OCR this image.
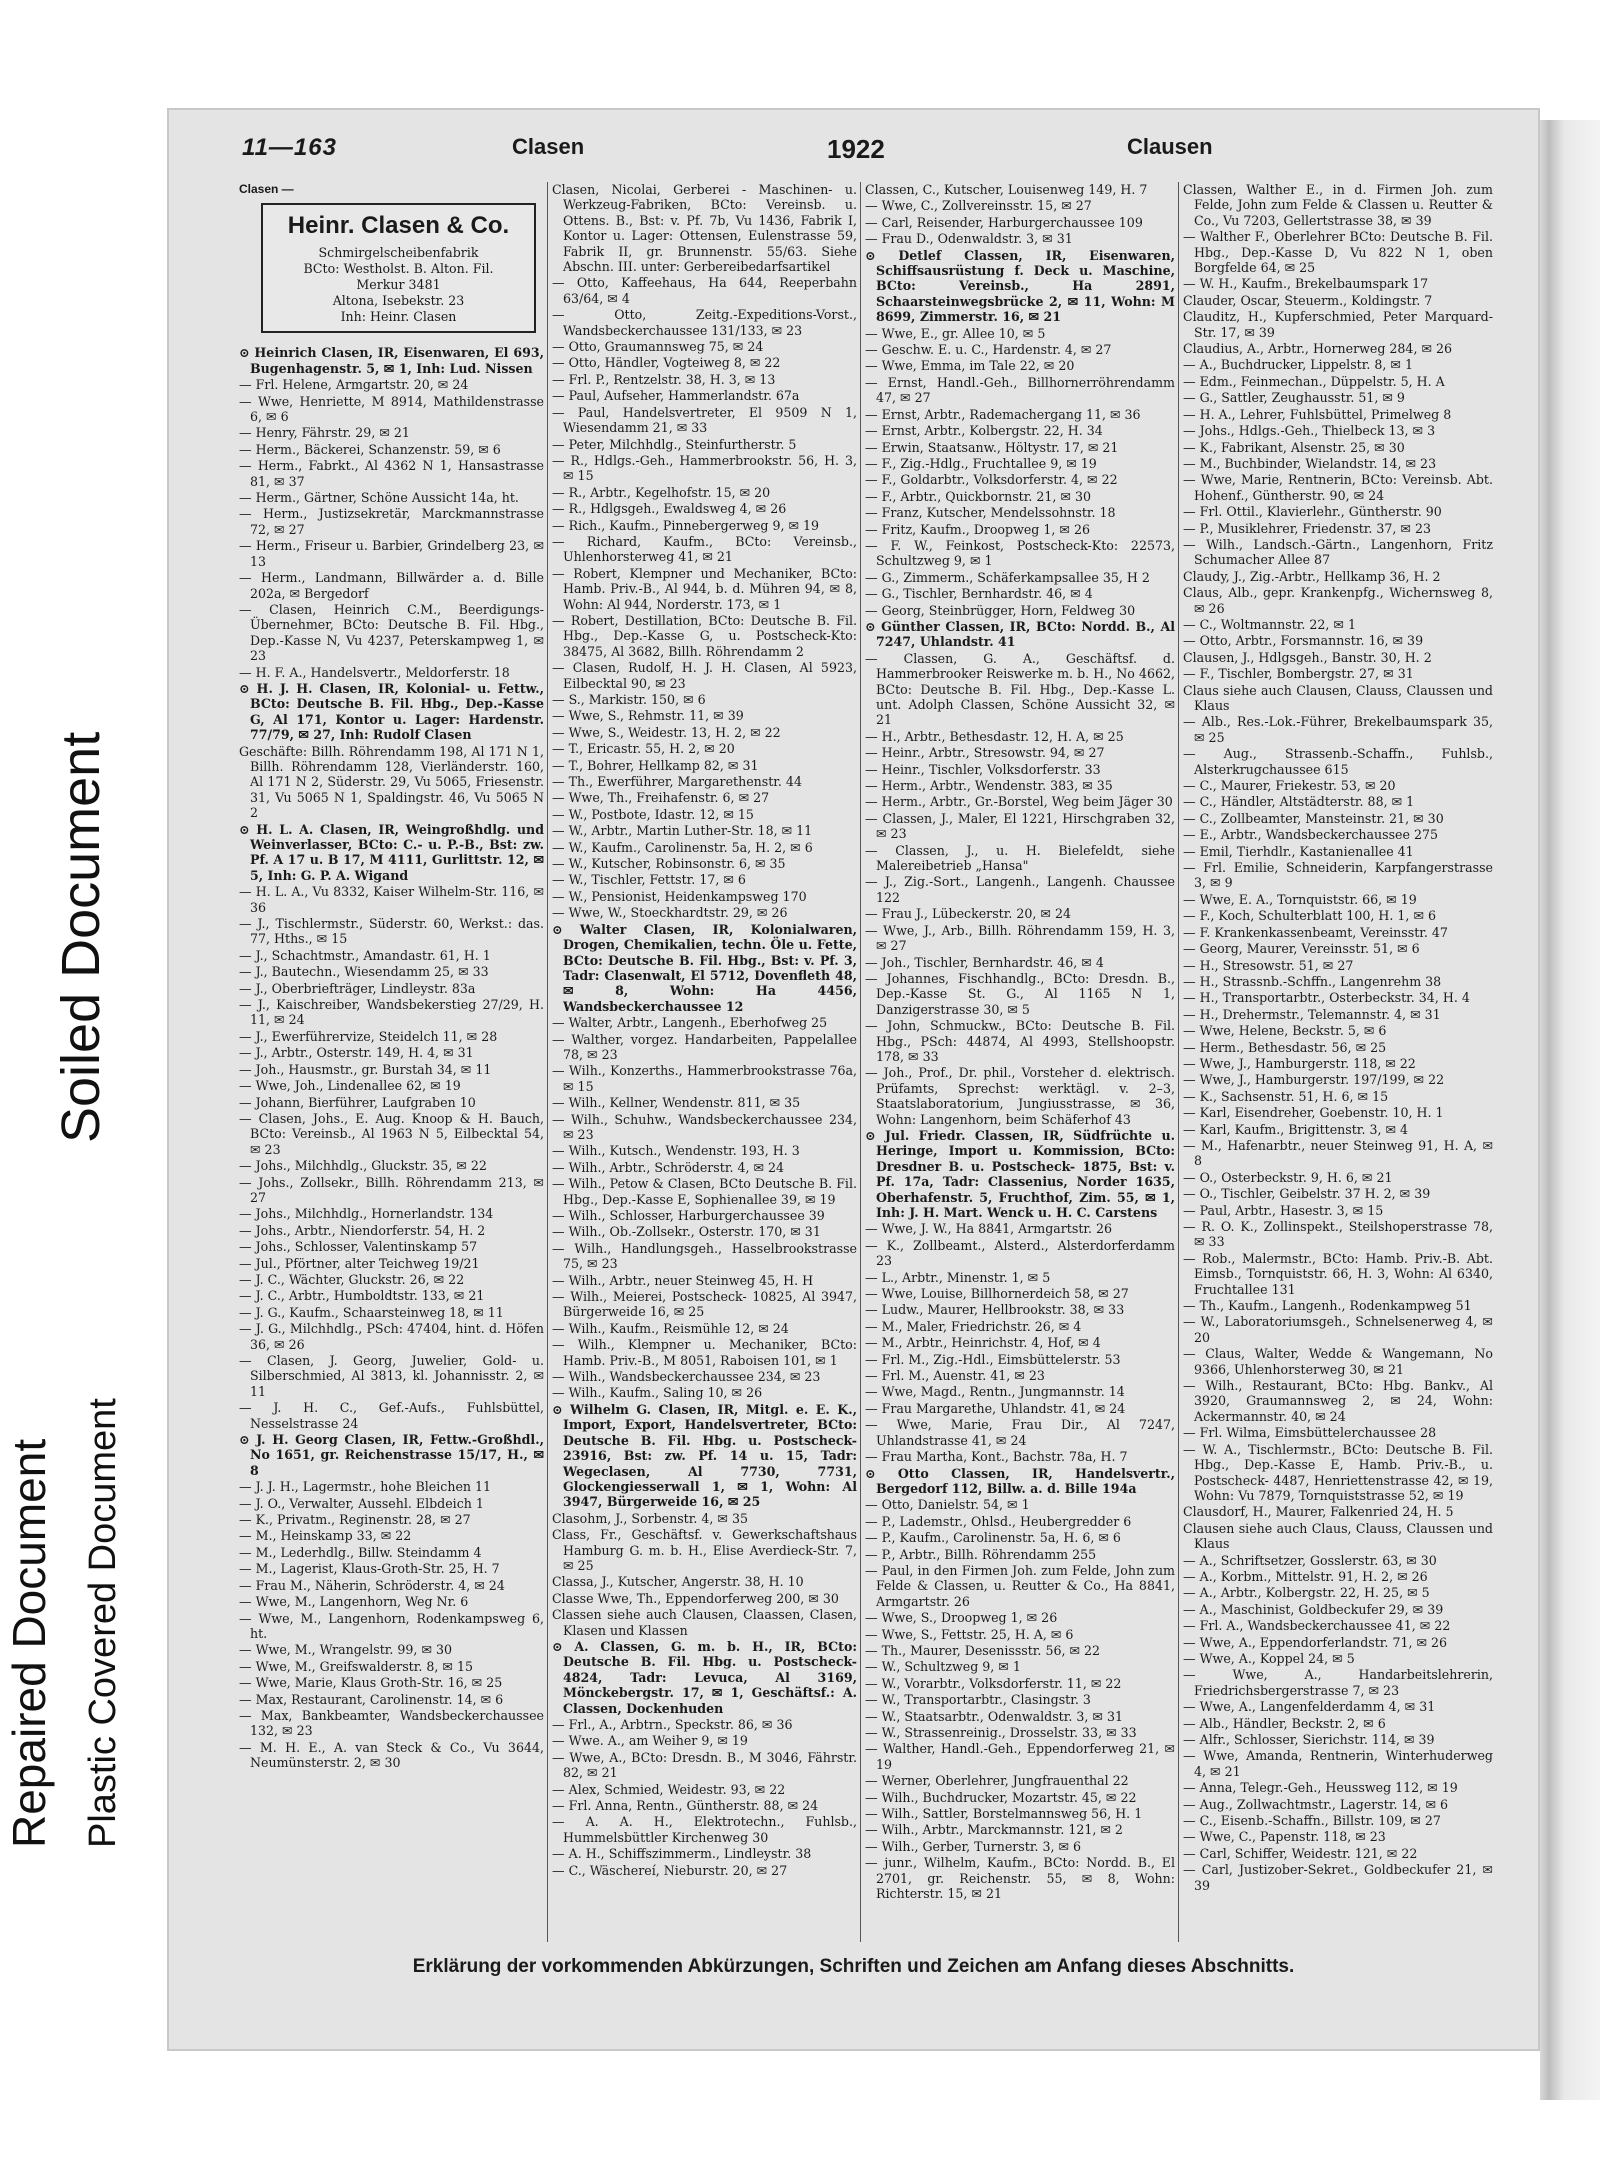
Soiled Document
Repaired Document Plastic Covered Document
11—163	Clasen	1922	Clausen
Clasen —
Heinr. Clasen & Co.
Schmirgelscheibenfabrik
BCto: Westholst. B. Alton. Fil.
Merkur 3481
Altona, Isebekstr. 23
Inh: Heinr. Clasen
⊙ Heinrich Clasen, IR, Eisenwaren, El 693, Bugenhagenstr. 5, ✉ 1, Inh: Lud. Nissen
— Frl. Helene, Armgartstr. 20, ✉ 24
— Wwe, Henriette, M 8914, Mathildenstrasse 6, ✉ 6
— Henry, Fährstr. 29, ✉ 21
— Herm., Bäckerei, Schanzenstr. 59, ✉ 6
— Herm., Fabrkt., Al 4362 N 1, Hansastrasse 81, ✉ 37
— Herm., Gärtner, Schöne Aussicht 14a, ht.
— Herm., Justizsekretär, Marckmannstrasse 72, ✉ 27
— Herm., Friseur u. Barbier, Grindelberg 23, ✉ 13
— Herm., Landmann, Billwärder a. d. Bille 202a, ✉ Bergedorf
— Clasen, Heinrich C.M., Beerdigungs-Übernehmer, BCto: Deutsche B. Fil. Hbg., Dep.-Kasse N, Vu 4237, Peterskampweg 1, ✉ 23
— H. F. A., Handelsvertr., Meldorferstr. 18
⊙ H. J. H. Clasen, IR, Kolonial- u. Fettw., BCto: Deutsche B. Fil. Hbg., Dep.-Kasse G, Al 171, Kontor u. Lager: Hardenstr. 77/79, ✉ 27, Inh: Rudolf Clasen
Geschäfte: Billh. Röhrendamm 198, Al 171 N 1, Billh. Röhrendamm 128, Vierländerstr. 160, Al 171 N 2, Süderstr. 29, Vu 5065, Friesenstr. 31, Vu 5065 N 1, Spaldingstr. 46, Vu 5065 N 2
⊙ H. L. A. Clasen, IR, Weingroßhdlg. und Weinverlasser, BCto: C.- u. P.-B., Bst: zw. Pf. A 17 u. B 17, M 4111, Gurlittstr. 12, ✉ 5, Inh: G. P. A. Wigand
— H. L. A., Vu 8332, Kaiser Wilhelm-Str. 116, ✉ 36
— J., Tischlermstr., Süderstr. 60, Werkst.: das. 77, Hths., ✉ 15
— J., Schachtmstr., Amandastr. 61, H. 1
— J., Bautechn., Wiesendamm 25, ✉ 33
— J., Oberbriefträger, Lindleystr. 83a
— J., Kaischreiber, Wandsbekerstieg 27/29, H. 11, ✉ 24
— J., Ewerführervize, Steidelch 11, ✉ 28
— J., Arbtr., Osterstr. 149, H. 4, ✉ 31
— Joh., Hausmstr., gr. Burstah 34, ✉ 11
— Wwe, Joh., Lindenallee 62, ✉ 19
— Johann, Bierführer, Laufgraben 10
— Clasen, Johs., E. Aug. Knoop & H. Bauch, BCto: Vereinsb., Al 1963 N 5, Eilbecktal 54, ✉ 23
— Johs., Milchhdlg., Gluckstr. 35, ✉ 22
— Johs., Zollsekr., Billh. Röhrendamm 213, ✉ 27
— Johs., Milchhdlg., Hornerlandstr. 134
— Johs., Arbtr., Niendorferstr. 54, H. 2
— Johs., Schlosser, Valentinskamp 57
— Jul., Pförtner, alter Teichweg 19/21
— J. C., Wächter, Gluckstr. 26, ✉ 22
— J. C., Arbtr., Humboldtstr. 133, ✉ 21
— J. G., Kaufm., Schaarsteinweg 18, ✉ 11
— J. G., Milchhdlg., PSch: 47404, hint. d. Höfen 36, ✉ 26
— Clasen, J. Georg, Juwelier, Gold- u. Silberschmied, Al 3813, kl. Johannisstr. 2, ✉ 11
— J. H. C., Gef.-Aufs., Fuhlsbüttel, Nesselstrasse 24
⊙ J. H. Georg Clasen, IR, Fettw.-Großhdl., No 1651, gr. Reichenstrasse 15/17, H., ✉ 8
— J. J. H., Lagermstr., hohe Bleichen 11
— J. O., Verwalter, Aussehl. Elbdeich 1
— K., Privatm., Reginenstr. 28, ✉ 27
— M., Heinskamp 33, ✉ 22
— M., Lederhdlg., Billw. Steindamm 4
— M., Lagerist, Klaus-Groth-Str. 25, H. 7
— Frau M., Näherin, Schröderstr. 4, ✉ 24
— Wwe, M., Langenhorn, Weg Nr. 6
— Wwe, M., Langenhorn, Rodenkampsweg 6, ht.
— Wwe, M., Wrangelstr. 99, ✉ 30
— Wwe, M., Greifswalderstr. 8, ✉ 15
— Wwe, Marie, Klaus Groth-Str. 16, ✉ 25
— Max, Restaurant, Carolinenstr. 14, ✉ 6
— Max, Bankbeamter, Wandsbeckerchaussee 132, ✉ 23
— M. H. E., A. van Steck & Co., Vu 3644, Neumünsterstr. 2, ✉ 30
Clasen, Nicolai, Gerberei - Maschinen- u. Werkzeug-Fabriken, BCto: Vereinsb. u. Ottens. B., Bst: v. Pf. 7b, Vu 1436, Fabrik I, Kontor u. Lager: Ottensen, Eulenstrasse 59, Fabrik II, gr. Brunnenstr. 55/63. Siehe Abschn. III. unter: Gerbereibedarfsartikel
— Otto, Kaffeehaus, Ha 644, Reeperbahn 63/64, ✉ 4
— Otto, Zeitg.-Expeditions-Vorst., Wandsbeckerchaussee 131/133, ✉ 23
— Otto, Graumannsweg 75, ✉ 24
— Otto, Händler, Vogteiweg 8, ✉ 22
— Frl. P., Rentzelstr. 38, H. 3, ✉ 13
— Paul, Aufseher, Hammerlandstr. 67a
— Paul, Handelsvertreter, El 9509 N 1, Wiesendamm 21, ✉ 33
— Peter, Milchhdlg., Steinfurtherstr. 5
— R., Hdlgs.-Geh., Hammerbrookstr. 56, H. 3, ✉ 15
— R., Arbtr., Kegelhofstr. 15, ✉ 20
— R., Hdlgsgeh., Ewaldsweg 4, ✉ 26
— Rich., Kaufm., Pinnebergerweg 9, ✉ 19
— Richard, Kaufm., BCto: Vereinsb., Uhlenhorsterweg 41, ✉ 21
— Robert, Klempner und Mechaniker, BCto: Hamb. Priv.-B., Al 944, b. d. Mühren 94, ✉ 8, Wohn: Al 944, Norderstr. 173, ✉ 1
— Robert, Destillation, BCto: Deutsche B. Fil. Hbg., Dep.-Kasse G, u. Postscheck-Kto: 38475, Al 3682, Billh. Röhrendamm 2
— Clasen, Rudolf, H. J. H. Clasen, Al 5923, Eilbecktal 90, ✉ 23
— S., Markistr. 150, ✉ 6
— Wwe, S., Rehmstr. 11, ✉ 39
— Wwe, S., Weidestr. 13, H. 2, ✉ 22
— T., Ericastr. 55, H. 2, ✉ 20
— T., Bohrer, Hellkamp 82, ✉ 31
— Th., Ewerführer, Margarethenstr. 44
— Wwe, Th., Freihafenstr. 6, ✉ 27
— W., Postbote, Idastr. 12, ✉ 15
— W., Arbtr., Martin Luther-Str. 18, ✉ 11
— W., Kaufm., Carolinenstr. 5a, H. 2, ✉ 6
— W., Kutscher, Robinsonstr. 6, ✉ 35
— W., Tischler, Fettstr. 17, ✉ 6
— W., Pensionist, Heidenkampsweg 170
— Wwe, W., Stoeckhardtstr. 29, ✉ 26
⊙ Walter Clasen, IR, Kolonialwaren, Drogen, Chemikalien, techn. Öle u. Fette, BCto: Deutsche B. Fil. Hbg., Bst: v. Pf. 3, Tadr: Clasenwalt, El 5712, Dovenfleth 48, ✉ 8, Wohn: Ha 4456, Wandsbeckerchaussee 12
— Walter, Arbtr., Langenh., Eberhofweg 25
— Walther, vorgez. Handarbeiten, Pappelallee 78, ✉ 23
— Wilh., Konzerths., Hammerbrookstrasse 76a, ✉ 15
— Wilh., Kellner, Wendenstr. 811, ✉ 35
— Wilh., Schuhw., Wandsbeckerchaussee 234, ✉ 23
— Wilh., Kutsch., Wendenstr. 193, H. 3
— Wilh., Arbtr., Schröderstr. 4, ✉ 24
— Wilh., Petow & Clasen, BCto Deutsche B. Fil. Hbg., Dep.-Kasse E, Sophienallee 39, ✉ 19
— Wilh., Schlosser, Harburgerchaussee 39
— Wilh., Ob.-Zollsekr., Osterstr. 170, ✉ 31
— Wilh., Handlungsgeh., Hasselbrookstrasse 75, ✉ 23
— Wilh., Arbtr., neuer Steinweg 45, H. H
— Wilh., Meierei, Postscheck- 10825, Al 3947, Bürgerweide 16, ✉ 25
— Wilh., Kaufm., Reismühle 12, ✉ 24
— Wilh., Klempner u. Mechaniker, BCto: Hamb. Priv.-B., M 8051, Raboisen 101, ✉ 1
— Wilh., Wandsbeckerchaussee 234, ✉ 23
— Wilh., Kaufm., Saling 10, ✉ 26
⊙ Wilhelm G. Clasen, IR, Mitgl. e. E. K., Import, Export, Handelsvertreter, BCto: Deutsche B. Fil. Hbg. u. Postscheck- 23916, Bst: zw. Pf. 14 u. 15, Tadr: Wegeclasen, Al 7730, 7731, Glockengiesserwall 1, ✉ 1, Wohn: Al 3947, Bürgerweide 16, ✉ 25
Clasohm, J., Sorbenstr. 4, ✉ 35
Class, Fr., Geschäftsf. v. Gewerkschaftshaus Hamburg G. m. b. H., Elise Averdieck-Str. 7, ✉ 25
Classa, J., Kutscher, Angerstr. 38, H. 10
Classe Wwe, Th., Eppendorferweg 200, ✉ 30
Classen siehe auch Clausen, Claassen, Clasen, Klasen und Klassen
⊙ A. Classen, G. m. b. H., IR, BCto: Deutsche B. Fil. Hbg. u. Postscheck- 4824, Tadr: Levuca, Al 3169, Mönckebergstr. 17, ✉ 1, Geschäftsf.: A. Classen, Dockenhuden
— Frl., A., Arbtrn., Speckstr. 86, ✉ 36
— Wwe. A., am Weiher 9, ✉ 19
— Wwe, A., BCto: Dresdn. B., M 3046, Fährstr. 82, ✉ 21
— Alex, Schmied, Weidestr. 93, ✉ 22
— Frl. Anna, Rentn., Güntherstr. 88, ✉ 24
— A. A. H., Elektrotechn., Fuhlsb., Hummelsbüttler Kirchenweg 30
— A. H., Schiffszimmerm., Lindleystr. 38
— C., Wäschereí, Nieburstr. 20, ✉ 27
Classen, C., Kutscher, Louisenweg 149, H. 7
— Wwe, C., Zollvereinsstr. 15, ✉ 27
— Carl, Reisender, Harburgerchaussee 109
— Frau D., Odenwaldstr. 3, ✉ 31
⊙ Detlef Classen, IR, Eisenwaren, Schiffsausrüstung f. Deck u. Maschine, BCto: Vereinsb., Ha 2891, Schaarsteinwegsbrücke 2, ✉ 11, Wohn: M 8699, Zimmerstr. 16, ✉ 21
— Wwe, E., gr. Allee 10, ✉ 5
— Geschw. E. u. C., Hardenstr. 4, ✉ 27
— Wwe, Emma, im Tale 22, ✉ 20
— Ernst, Handl.-Geh., Billhornerröhrendamm 47, ✉ 27
— Ernst, Arbtr., Rademachergang 11, ✉ 36
— Ernst, Arbtr., Kolbergstr. 22, H. 34
— Erwin, Staatsanw., Höltystr. 17, ✉ 21
— F., Zig.-Hdlg., Fruchtallee 9, ✉ 19
— F., Goldarbtr., Volksdorferstr. 4, ✉ 22
— F., Arbtr., Quickbornstr. 21, ✉ 30
— Franz, Kutscher, Mendelssohnstr. 18
— Fritz, Kaufm., Droopweg 1, ✉ 26
— F. W., Feinkost, Postscheck-Kto: 22573, Schultzweg 9, ✉ 1
— G., Zimmerm., Schäferkampsallee 35, H 2
— G., Tischler, Bernhardstr. 46, ✉ 4
— Georg, Steinbrügger, Horn, Feldweg 30
⊙ Günther Classen, IR, BCto: Nordd. B., Al 7247, Uhlandstr. 41
— Classen, G. A., Geschäftsf. d. Hammerbrooker Reiswerke m. b. H., No 4662, BCto: Deutsche B. Fil. Hbg., Dep.-Kasse L. unt. Adolph Classen, Schöne Aussicht 32, ✉ 21
— H., Arbtr., Bethesdastr. 12, H. A, ✉ 25
— Heinr., Arbtr., Stresowstr. 94, ✉ 27
— Heinr., Tischler, Volksdorferstr. 33
— Herm., Arbtr., Wendenstr. 383, ✉ 35
— Herm., Arbtr., Gr.-Borstel, Weg beim Jäger 30
— Classen, J., Maler, El 1221, Hirschgraben 32, ✉ 23
— Classen, J., u. H. Bielefeldt, siehe Malereibetrieb „Hansa"
— J., Zig.-Sort., Langenh., Langenh. Chaussee 122
— Frau J., Lübeckerstr. 20, ✉ 24
— Wwe, J., Arb., Billh. Röhrendamm 159, H. 3, ✉ 27
— Joh., Tischler, Bernhardstr. 46, ✉ 4
— Johannes, Fischhandlg., BCto: Dresdn. B., Dep.-Kasse St. G., Al 1165 N 1, Danzigerstrasse 30, ✉ 5
— John, Schmuckw., BCto: Deutsche B. Fil. Hbg., PSch: 44874, Al 4993, Stellshoopstr. 178, ✉ 33
— Joh., Prof., Dr. phil., Vorsteher d. elektrisch. Prüfamts, Sprechst: werktägl. v. 2–3, Staatslaboratorium, Jungiusstrasse, ✉ 36, Wohn: Langenhorn, beim Schäferhof 43
⊙ Jul. Friedr. Classen, IR, Südfrüchte u. Heringe, Import u. Kommission, BCto: Dresdner B. u. Postscheck- 1875, Bst: v. Pf. 17a, Tadr: Classenius, Norder 1635, Oberhafenstr. 5, Fruchthof, Zim. 55, ✉ 1, Inh: J. H. Mart. Wenck u. H. C. Carstens
— Wwe, J. W., Ha 8841, Armgartstr. 26
— K., Zollbeamt., Alsterd., Alsterdorferdamm 23
— L., Arbtr., Minenstr. 1, ✉ 5
— Wwe, Louise, Billhornerdeich 58, ✉ 27
— Ludw., Maurer, Hellbrookstr. 38, ✉ 33
— M., Maler, Friedrichstr. 26, ✉ 4
— M., Arbtr., Heinrichstr. 4, Hof, ✉ 4
— Frl. M., Zig.-Hdl., Eimsbüttelerstr. 53
— Frl. M., Auenstr. 41, ✉ 23
— Wwe, Magd., Rentn., Jungmannstr. 14
— Frau Margarethe, Uhlandstr. 41, ✉ 24
— Wwe, Marie, Frau Dir., Al 7247, Uhlandstrasse 41, ✉ 24
— Frau Martha, Kont., Bachstr. 78a, H. 7
⊙ Otto Classen, IR, Handelsvertr., Bergedorf 112, Billw. a. d. Bille 194a
— Otto, Danielstr. 54, ✉ 1
— P., Lademstr., Ohlsd., Heubergredder 6
— P., Kaufm., Carolinenstr. 5a, H. 6, ✉ 6
— P., Arbtr., Billh. Röhrendamm 255
— Paul, in den Firmen Joh. zum Felde, John zum Felde & Classen, u. Reutter & Co., Ha 8841, Armgartstr. 26
— Wwe, S., Droopweg 1, ✉ 26
— Wwe, S., Fettstr. 25, H. A, ✉ 6
— Th., Maurer, Desenissstr. 56, ✉ 22
— W., Schultzweg 9, ✉ 1
— W., Vorarbtr., Volksdorferstr. 11, ✉ 22
— W., Transportarbtr., Clasingstr. 3
— W., Staatsarbtr., Odenwaldstr. 3, ✉ 31
— W., Strassenreinig., Drosselstr. 33, ✉ 33
— Walther, Handl.-Geh., Eppendorferweg 21, ✉ 19
— Werner, Oberlehrer, Jungfrauenthal 22
— Wilh., Buchdrucker, Mozartstr. 45, ✉ 22
— Wilh., Sattler, Borstelmannsweg 56, H. 1
— Wilh., Arbtr., Marckmannstr. 121, ✉ 2
— Wilh., Gerber, Turnerstr. 3, ✉ 6
— junr., Wilhelm, Kaufm., BCto: Nordd. B., El 2701, gr. Reichenstr. 55, ✉ 8, Wohn: Richterstr. 15, ✉ 21
Classen, Walther E., in d. Firmen Joh. zum Felde, John zum Felde & Classen u. Reutter & Co., Vu 7203, Gellertstrasse 38, ✉ 39
— Walther F., Oberlehrer BCto: Deutsche B. Fil. Hbg., Dep.-Kasse D, Vu 822 N 1, oben Borgfelde 64, ✉ 25
— W. H., Kaufm., Brekelbaumspark 17
Clauder, Oscar, Steuerm., Koldingstr. 7
Clauditz, H., Kupferschmied, Peter Marquard-Str. 17, ✉ 39
Claudius, A., Arbtr., Hornerweg 284, ✉ 26
— A., Buchdrucker, Lippelstr. 8, ✉ 1
— Edm., Feinmechan., Düppelstr. 5, H. A
— G., Sattler, Zeughausstr. 51, ✉ 9
— H. A., Lehrer, Fuhlsbüttel, Primelweg 8
— Johs., Hdlgs.-Geh., Thielbeck 13, ✉ 3
— K., Fabrikant, Alsenstr. 25, ✉ 30
— M., Buchbinder, Wielandstr. 14, ✉ 23
— Wwe, Marie, Rentnerin, BCto: Vereinsb. Abt. Hohenf., Güntherstr. 90, ✉ 24
— Frl. Ottil., Klavierlehr., Güntherstr. 90
— P., Musiklehrer, Friedenstr. 37, ✉ 23
— Wilh., Landsch.-Gärtn., Langenhorn, Fritz Schumacher Allee 87
Claudy, J., Zig.-Arbtr., Hellkamp 36, H. 2
Claus, Alb., gepr. Krankenpfg., Wichernsweg 8, ✉ 26
— C., Woltmannstr. 22, ✉ 1
— Otto, Arbtr., Forsmannstr. 16, ✉ 39
Clausen, J., Hdlgsgeh., Banstr. 30, H. 2
— F., Tischler, Bombergstr. 27, ✉ 31
Claus siehe auch Clausen, Clauss, Claussen und Klaus
— Alb., Res.-Lok.-Führer, Brekelbaumspark 35, ✉ 25
— Aug., Strassenb.-Schaffn., Fuhlsb., Alsterkrugchaussee 615
— C., Maurer, Friekestr. 53, ✉ 20
— C., Händler, Altstädterstr. 88, ✉ 1
— C., Zollbeamter, Mansteinstr. 21, ✉ 30
— E., Arbtr., Wandsbeckerchaussee 275
— Emil, Tierhdlr., Kastanienallee 41
— Frl. Emilie, Schneiderin, Karpfangerstrasse 3, ✉ 9
— Wwe, E. A., Tornquiststr. 66, ✉ 19
— F., Koch, Schulterblatt 100, H. 1, ✉ 6
— F. Krankenkassenbeamt, Vereinsstr. 47
— Georg, Maurer, Vereinsstr. 51, ✉ 6
— H., Stresowstr. 51, ✉ 27
— H., Strassnb.-Schffn., Langenrehm 38
— H., Transportarbtr., Osterbeckstr. 34, H. 4
— H., Drehermstr., Telemannstr. 4, ✉ 31
— Wwe, Helene, Beckstr. 5, ✉ 6
— Herm., Bethesdastr. 56, ✉ 25
— Wwe, J., Hamburgerstr. 118, ✉ 22
— Wwe, J., Hamburgerstr. 197/199, ✉ 22
— K., Sachsenstr. 51, H. 6, ✉ 15
— Karl, Eisendreher, Goebenstr. 10, H. 1
— Karl, Kaufm., Brigittenstr. 3, ✉ 4
— M., Hafenarbtr., neuer Steinweg 91, H. A, ✉ 8
— O., Osterbeckstr. 9, H. 6, ✉ 21
— O., Tischler, Geibelstr. 37 H. 2, ✉ 39
— Paul, Arbtr., Hasestr. 3, ✉ 15
— R. O. K., Zollinspekt., Steilshoperstrasse 78, ✉ 33
— Rob., Malermstr., BCto: Hamb. Priv.-B. Abt. Eimsb., Tornquiststr. 66, H. 3, Wohn: Al 6340, Fruchtallee 131
— Th., Kaufm., Langenh., Rodenkampweg 51
— W., Laboratoriumsgeh., Schnelsenerweg 4, ✉ 20
— Claus, Walter, Wedde & Wangemann, No 9366, Uhlenhorsterweg 30, ✉ 21
— Wilh., Restaurant, BCto: Hbg. Bankv., Al 3920, Graumannsweg 2, ✉ 24, Wohn: Ackermannstr. 40, ✉ 24
— Frl. Wilma, Eimsbüttelerchaussee 28
— W. A., Tischlermstr., BCto: Deutsche B. Fil. Hbg., Dep.-Kasse E, Hamb. Priv.-B., u. Postscheck- 4487, Henriettenstrasse 42, ✉ 19, Wohn: Vu 7879, Tornquiststrasse 52, ✉ 19
Clausdorf, H., Maurer, Falkenried 24, H. 5
Clausen siehe auch Claus, Clauss, Claussen und Klaus
— A., Schriftsetzer, Gosslerstr. 63, ✉ 30
— A., Korbm., Mittelstr. 91, H. 2, ✉ 26
— A., Arbtr., Kolbergstr. 22, H. 25, ✉ 5
— A., Maschinist, Goldbeckufer 29, ✉ 39
— Frl. A., Wandsbeckerchaussee 41, ✉ 22
— Wwe, A., Eppendorferlandstr. 71, ✉ 26
— Wwe, A., Koppel 24, ✉ 5
— Wwe, A., Handarbeitslehrerin, Friedrichsbergerstrasse 7, ✉ 23
— Wwe, A., Langenfelderdamm 4, ✉ 31
— Alb., Händler, Beckstr. 2, ✉ 6
— Alfr., Schlosser, Sierichstr. 114, ✉ 39
— Wwe, Amanda, Rentnerin, Winterhuderweg 4, ✉ 21
— Anna, Telegr.-Geh., Heussweg 112, ✉ 19
— Aug., Zollwachtmstr., Lagerstr. 14, ✉ 6
— C., Eisenb.-Schaffn., Billstr. 109, ✉ 27
— Wwe, C., Papenstr. 118, ✉ 23
— Carl, Schiffer, Weidestr. 121, ✉ 22
— Carl, Justizober-Sekret., Goldbeckufer 21, ✉ 39
Erklärung der vorkommenden Abkürzungen, Schriften und Zeichen am Anfang dieses Abschnitts.
